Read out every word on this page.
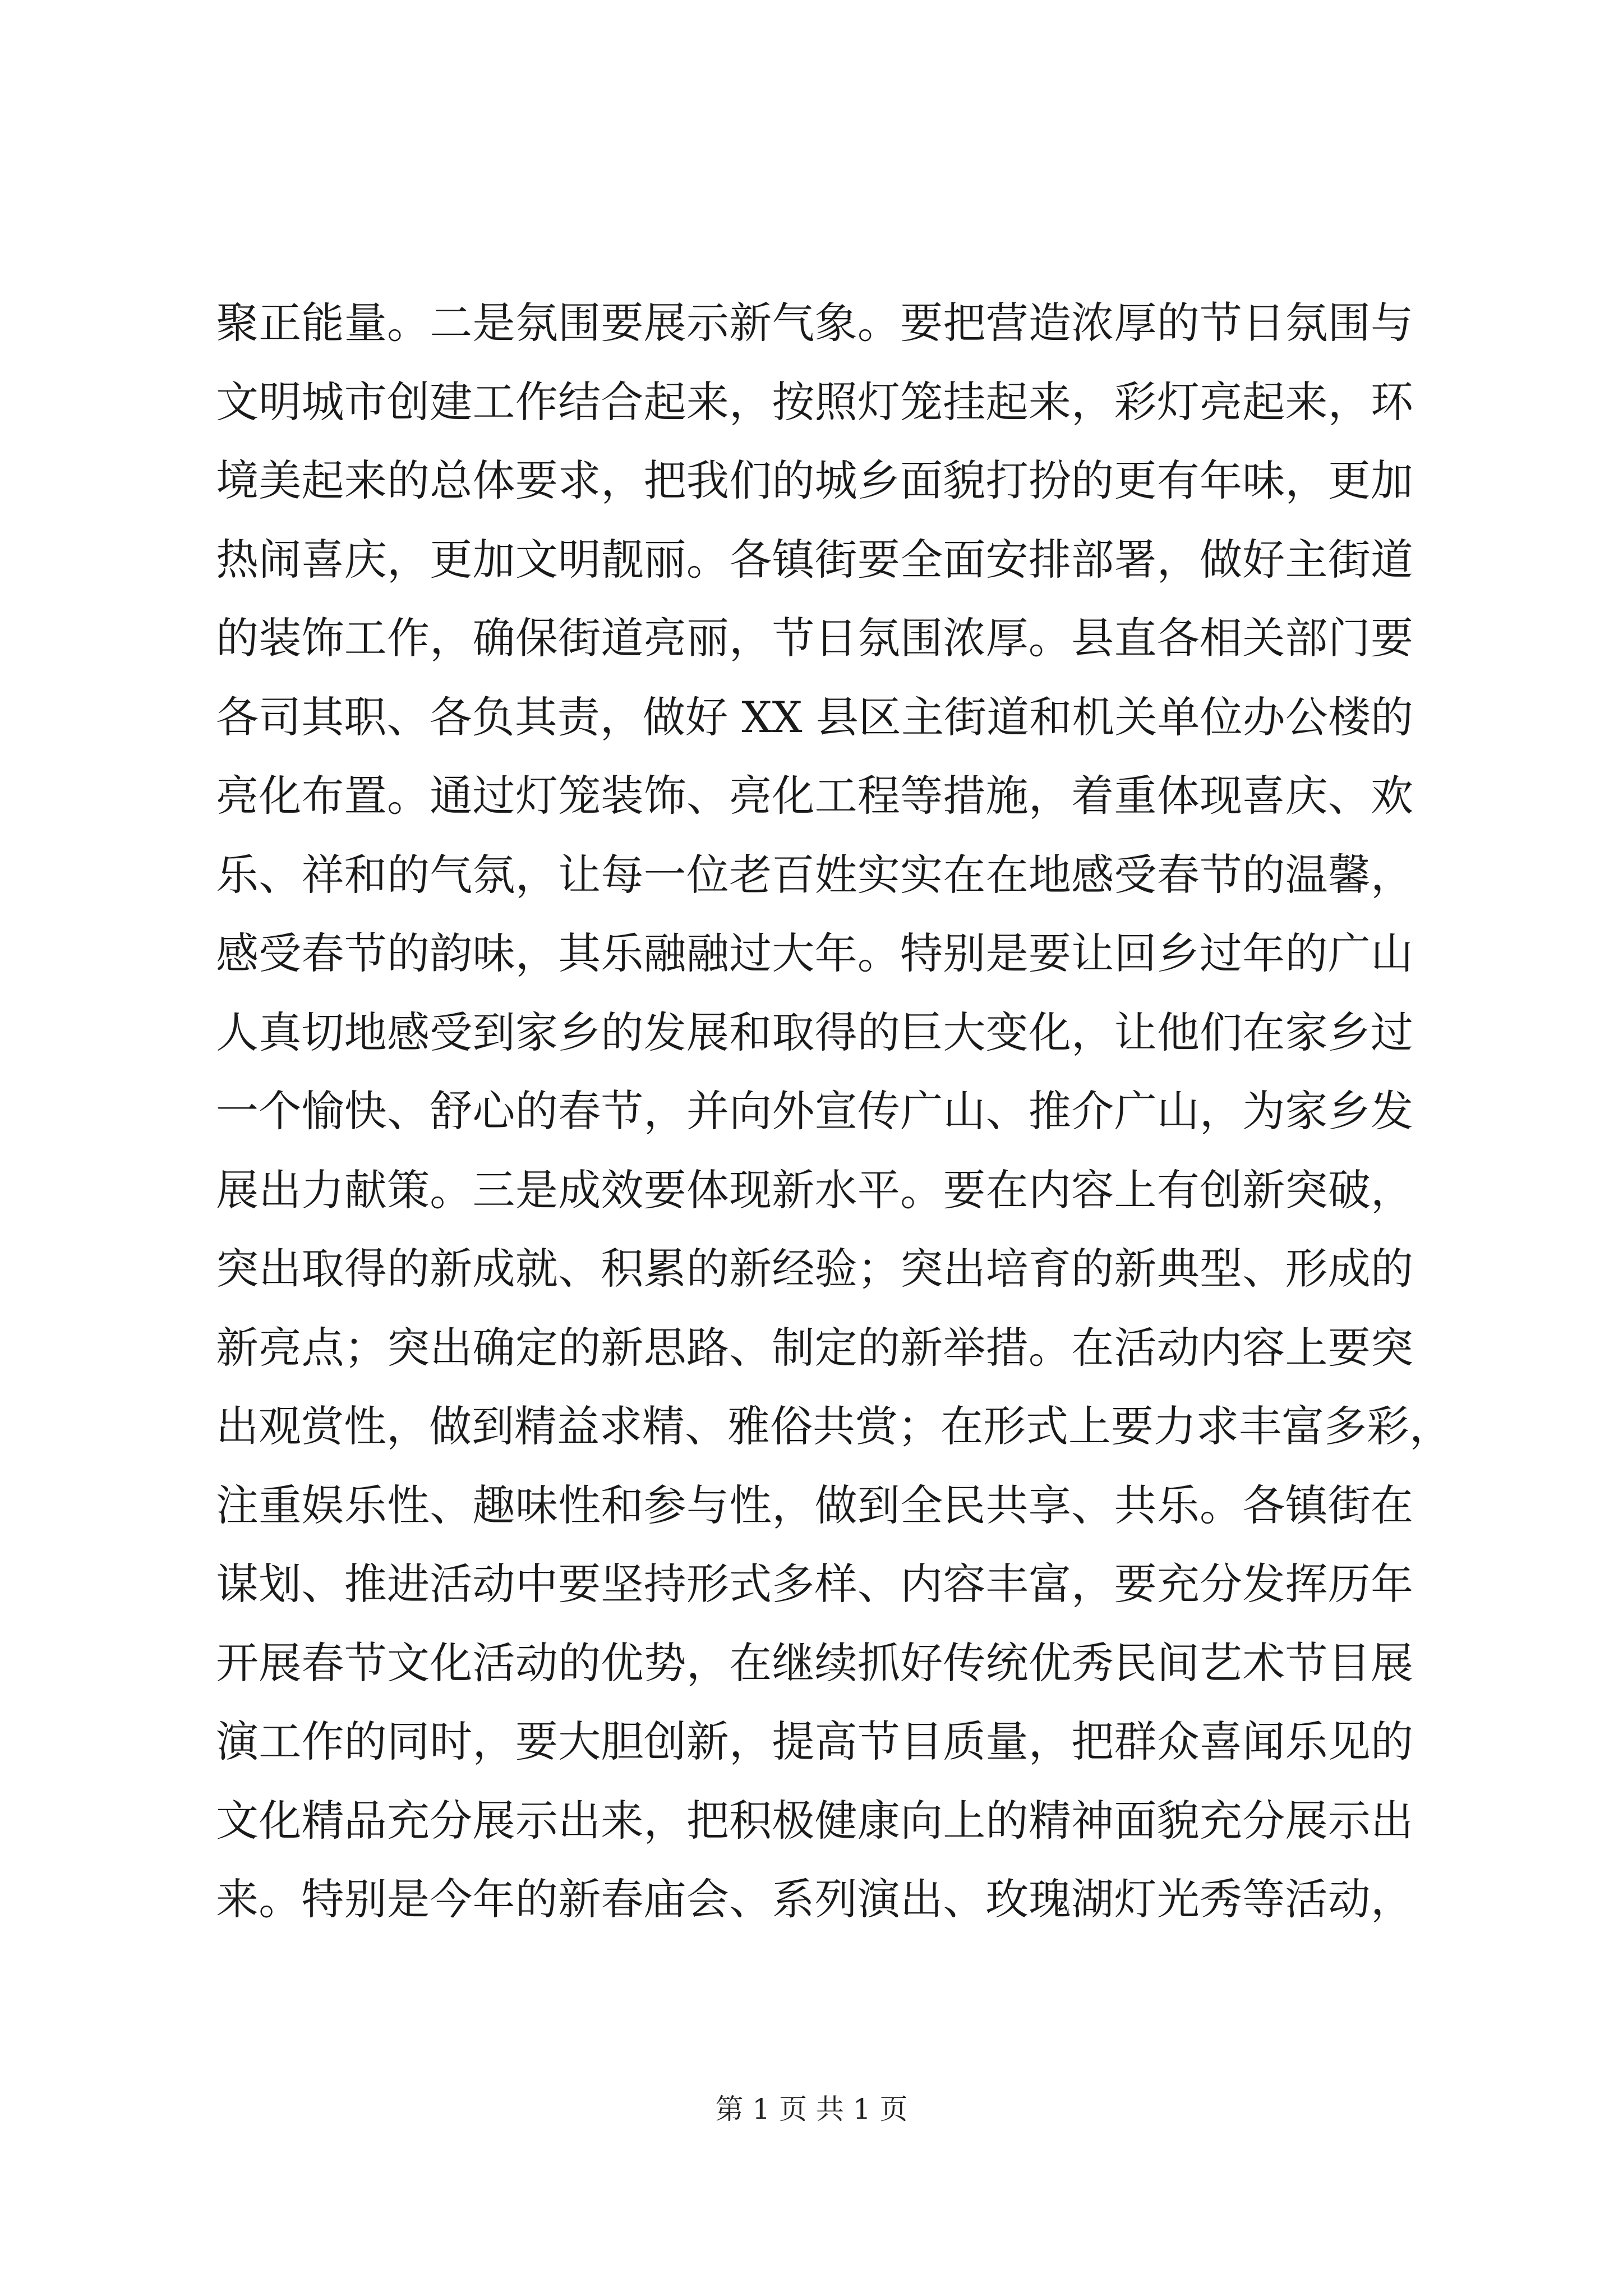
聚正能量。二是氛围要展示新气象。要把营造浓厚的节日氛围与
文明城市创建工作结合起来，按照灯笼挂起来，彩灯亮起来，环
境美起来的总体要求，把我们的城乡面貌打扮的更有年味，更加
热闹喜庆，更加文明靓丽。各镇街要全面安排部署，做好主街道
的装饰工作，确保街道亮丽，节日氛围浓厚。县直各相关部门要
各司其职、各负其责，做好 XX 县区主街道和机关单位办公楼的
亮化布置。通过灯笼装饰、亮化工程等措施，着重体现喜庆、欢
乐、祥和的气氛，让每一位老百姓实实在在地感受春节的温馨，
感受春节的韵味，其乐融融过大年。特别是要让回乡过年的广山
人真切地感受到家乡的发展和取得的巨大变化，让他们在家乡过
一个愉快、舒心的春节，并向外宣传广山、推介广山，为家乡发
展出力献策。三是成效要体现新水平。要在内容上有创新突破，
突出取得的新成就、积累的新经验；突出培育的新典型、形成的
新亮点；突出确定的新思路、制定的新举措。在活动内容上要突
出观赏性，做到精益求精、雅俗共赏；在形式上要力求丰富多彩，
注重娱乐性、趣味性和参与性，做到全民共享、共乐。各镇街在
谋划、推进活动中要坚持形式多样、内容丰富，要充分发挥历年
开展春节文化活动的优势，在继续抓好传统优秀民间艺术节目展
演工作的同时，要大胆创新，提高节目质量，把群众喜闻乐见的
文化精品充分展示出来，把积极健康向上的精神面貌充分展示出
来。特别是今年的新春庙会、系列演出、玫瑰湖灯光秀等活动，
第 1 页 共 1 页
